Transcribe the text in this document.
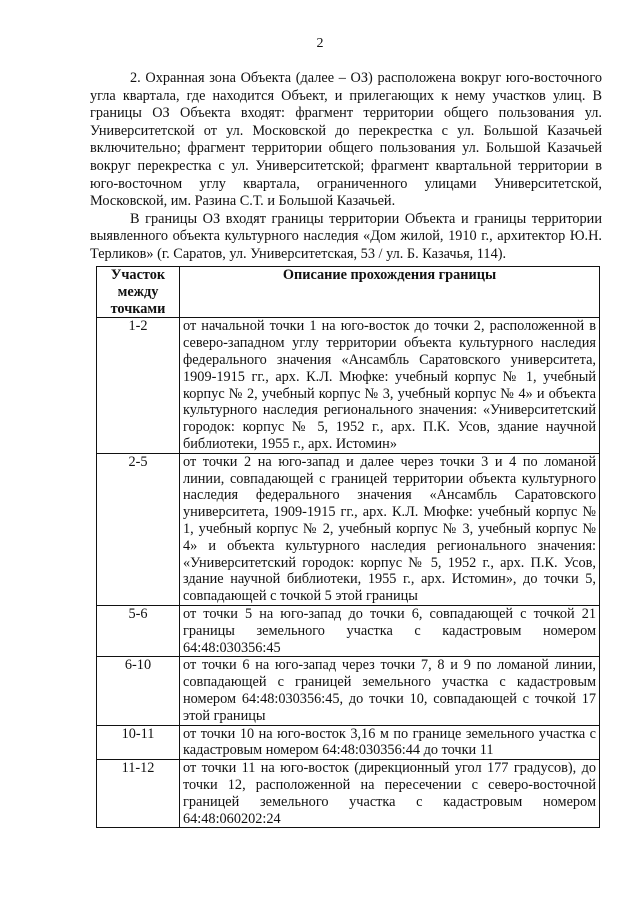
2

2. Охранная зона Объекта (далее – ОЗ) расположена вокруг юго-восточного угла квартала, где находится Объект, и прилегающих к нему участков улиц. В границы ОЗ Объекта входят: фрагмент территории общего пользования ул. Университетской от ул. Московской до перекрестка с ул. Большой Казачьей включительно; фрагмент территории общего пользования ул. Большой Казачьей вокруг перекрестка с ул. Университетской; фрагмент квартальной территории в юго-восточном углу квартала, ограниченного улицами Университетской, Московской, им. Разина С.Т. и Большой Казачьей.

В границы ОЗ входят границы территории Объекта и границы территории выявленного объекта культурного наследия «Дом жилой, 1910 г., архитектор Ю.Н. Терликов» (г. Саратов, ул. Университетская, 53 / ул. Б. Казачья, 114).

Участок между точками	Описание прохождения границы
1-2	от начальной точки 1 на юго-восток до точки 2, расположенной в северо-западном углу территории объекта культурного наследия федерального значения «Ансамбль Саратовского университета, 1909-1915 гг., арх. К.Л. Мюфке: учебный корпус № 1, учебный корпус № 2, учебный корпус № 3, учебный корпус № 4» и объекта культурного наследия регионального значения: «Университетский городок: корпус № 5, 1952 г., арх. П.К. Усов, здание научной библиотеки, 1955 г., арх. Истомин»
2-5	от точки 2 на юго-запад и далее через точки 3 и 4 по ломаной линии, совпадающей с границей территории объекта культурного наследия федерального значения «Ансамбль Саратовского университета, 1909-1915 гг., арх. К.Л. Мюфке: учебный корпус № 1, учебный корпус № 2, учебный корпус № 3, учебный корпус № 4» и объекта культурного наследия регионального значения: «Университетский городок: корпус № 5, 1952 г., арх. П.К. Усов, здание научной библиотеки, 1955 г., арх. Истомин», до точки 5, совпадающей с точкой 5 этой границы
5-6	от точки 5 на юго-запад до точки 6, совпадающей с точкой 21 границы земельного участка с кадастровым номером 64:48:030356:45
6-10	от точки 6 на юго-запад через точки 7, 8 и 9 по ломаной линии, совпадающей с границей земельного участка с кадастровым номером 64:48:030356:45, до точки 10, совпадающей с точкой 17 этой границы
10-11	от точки 10 на юго-восток 3,16 м по границе земельного участка с кадастровым номером 64:48:030356:44 до точки 11
11-12	от точки 11 на юго-восток (дирекционный угол 177 градусов), до точки 12, расположенной на пересечении с северо-восточной границей земельного участка с кадастровым номером 64:48:060202:24
